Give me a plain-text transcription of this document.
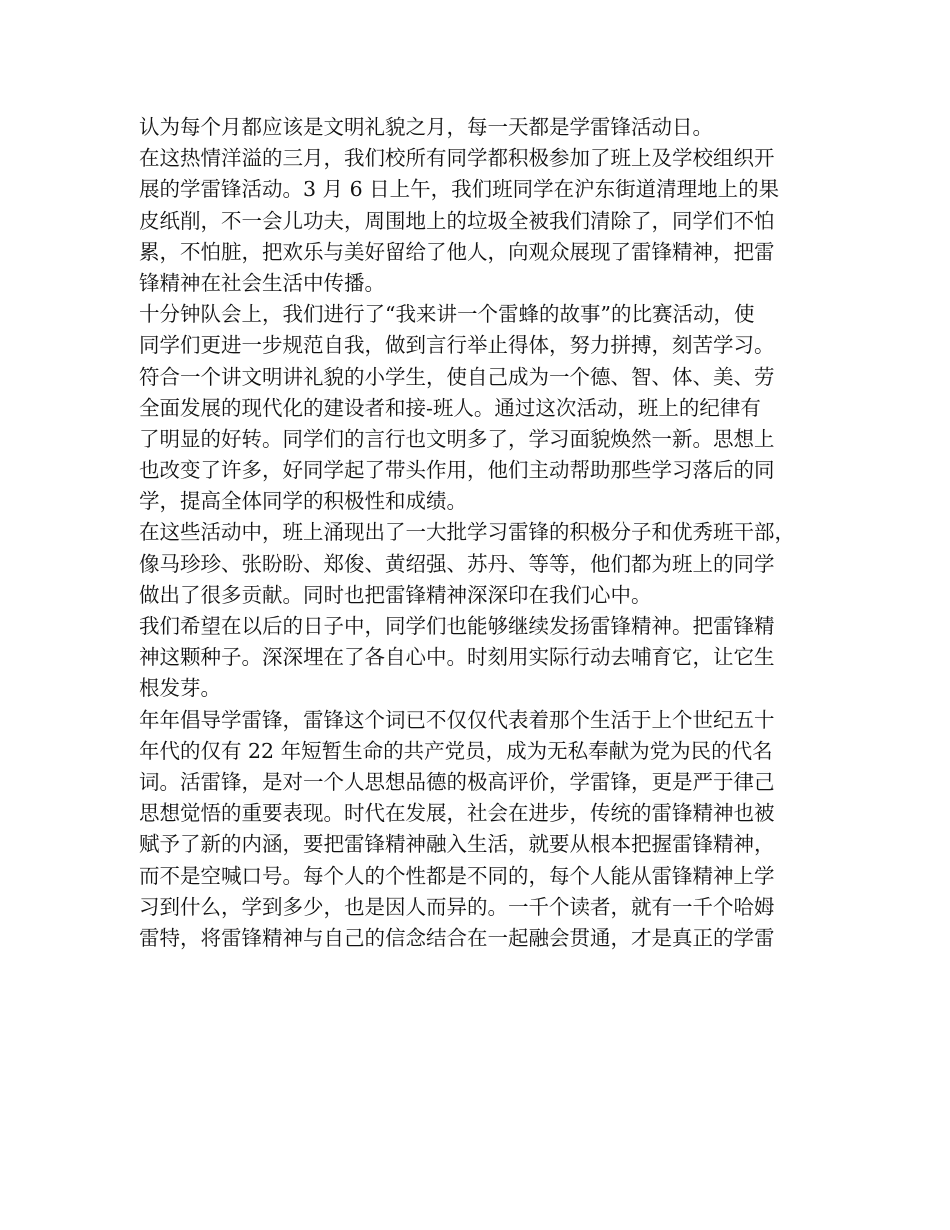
认为每个月都应该是文明礼貌之月，每一天都是学雷锋活动日。
在这热情洋溢的三月，我们校所有同学都积极参加了班上及学校组织开
展的学雷锋活动。3 月 6 日上午，我们班同学在沪东街道清理地上的果
皮纸削，不一会儿功夫，周围地上的垃圾全被我们清除了，同学们不怕
累，不怕脏，把欢乐与美好留给了他人，向观众展现了雷锋精神，把雷
锋精神在社会生活中传播。
十分钟队会上，我们进行了“我来讲一个雷蜂的故事”的比赛活动，使
同学们更进一步规范自我，做到言行举止得体，努力拼搏，刻苦学习。
符合一个讲文明讲礼貌的小学生，使自己成为一个德、智、体、美、劳
全面发展的现代化的建设者和接-班人。通过这次活动，班上的纪律有
了明显的好转。同学们的言行也文明多了，学习面貌焕然一新。思想上
也改变了许多，好同学起了带头作用，他们主动帮助那些学习落后的同
学，提高全体同学的积极性和成绩。
在这些活动中，班上涌现出了一大批学习雷锋的积极分子和优秀班干部，
像马珍珍、张盼盼、郑俊、黄绍强、苏丹、等等，他们都为班上的同学
做出了很多贡献。同时也把雷锋精神深深印在我们心中。
我们希望在以后的日子中，同学们也能够继续发扬雷锋精神。把雷锋精
神这颗种子。深深埋在了各自心中。时刻用实际行动去哺育它，让它生
根发芽。
年年倡导学雷锋，雷锋这个词已不仅仅代表着那个生活于上个世纪五十
年代的仅有 22 年短暂生命的共产党员，成为无私奉献为党为民的代名
词。活雷锋，是对一个人思想品德的极高评价，学雷锋，更是严于律己
思想觉悟的重要表现。时代在发展，社会在进步，传统的雷锋精神也被
赋予了新的内涵，要把雷锋精神融入生活，就要从根本把握雷锋精神，
而不是空喊口号。每个人的个性都是不同的，每个人能从雷锋精神上学
习到什么，学到多少，也是因人而异的。一千个读者，就有一千个哈姆
雷特，将雷锋精神与自己的信念结合在一起融会贯通，才是真正的学雷
